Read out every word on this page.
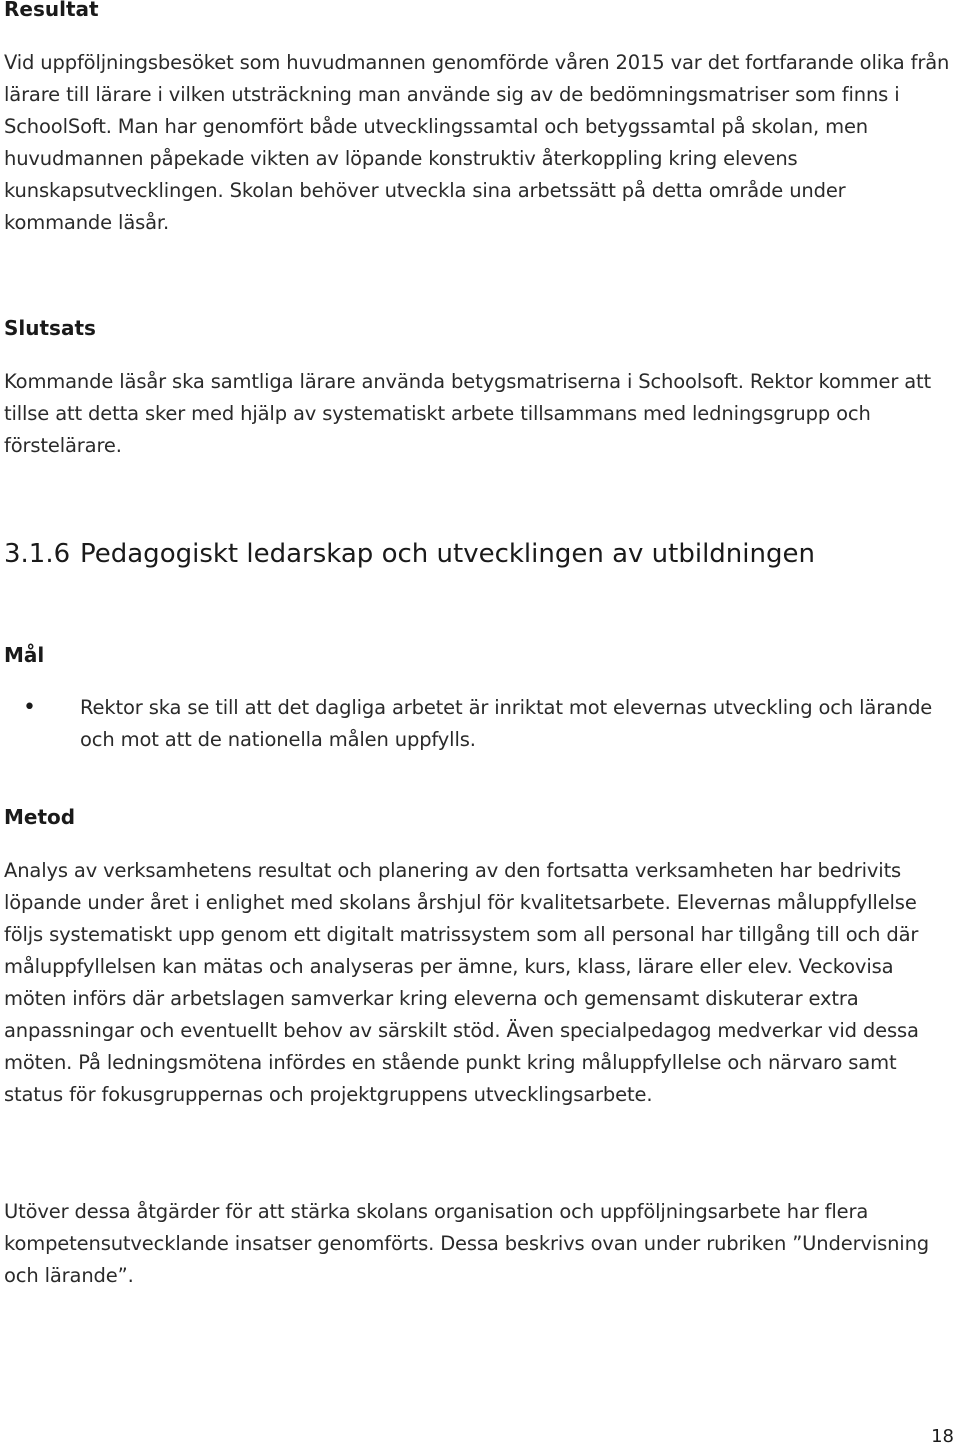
Resultat

Vid uppföljningsbesöket som huvudmannen genomförde våren 2015 var det fortfarande olika från lärare till lärare i vilken utsträckning man använde sig av de bedömningsmatriser som finns i SchoolSoft. Man har genomfört både utvecklingssamtal och betygssamtal på skolan, men huvudmannen påpekade vikten av löpande konstruktiv återkoppling kring elevens kunskapsutvecklingen. Skolan behöver utveckla sina arbetssätt på detta område under kommande läsår.

Slutsats

Kommande läsår ska samtliga lärare använda betygsmatriserna i Schoolsoft. Rektor kommer att tillse att detta sker med hjälp av systematiskt arbete tillsammans med ledningsgrupp och förstelärare.

3.1.6 Pedagogiskt ledarskap och utvecklingen av utbildningen
Mål
• Rektor ska se till att det dagliga arbetet är inriktat mot elevernas utveckling och lärande och mot att de nationella målen uppfylls.
Metod

Analys av verksamhetens resultat och planering av den fortsatta verksamheten har bedrivits löpande under året i enlighet med skolans årshjul för kvalitetsarbete. Elevernas måluppfyllelse följs systematiskt upp genom ett digitalt matrissystem som all personal har tillgång till och där måluppfyllelsen kan mätas och analyseras per ämne, kurs, klass, lärare eller elev. Veckovisa möten införs där arbetslagen samverkar kring eleverna och gemensamt diskuterar extra anpassningar och eventuellt behov av särskilt stöd. Även specialpedagog medverkar vid dessa möten. På ledningsmötena infördes en stående punkt kring måluppfyllelse och närvaro samt status för fokusgruppernas och projektgruppens utvecklingsarbete.

Utöver dessa åtgärder för att stärka skolans organisation och uppföljningsarbete har flera kompetensutvecklande insatser genomförts. Dessa beskrivs ovan under rubriken ”Undervisning och lärande”.

18
